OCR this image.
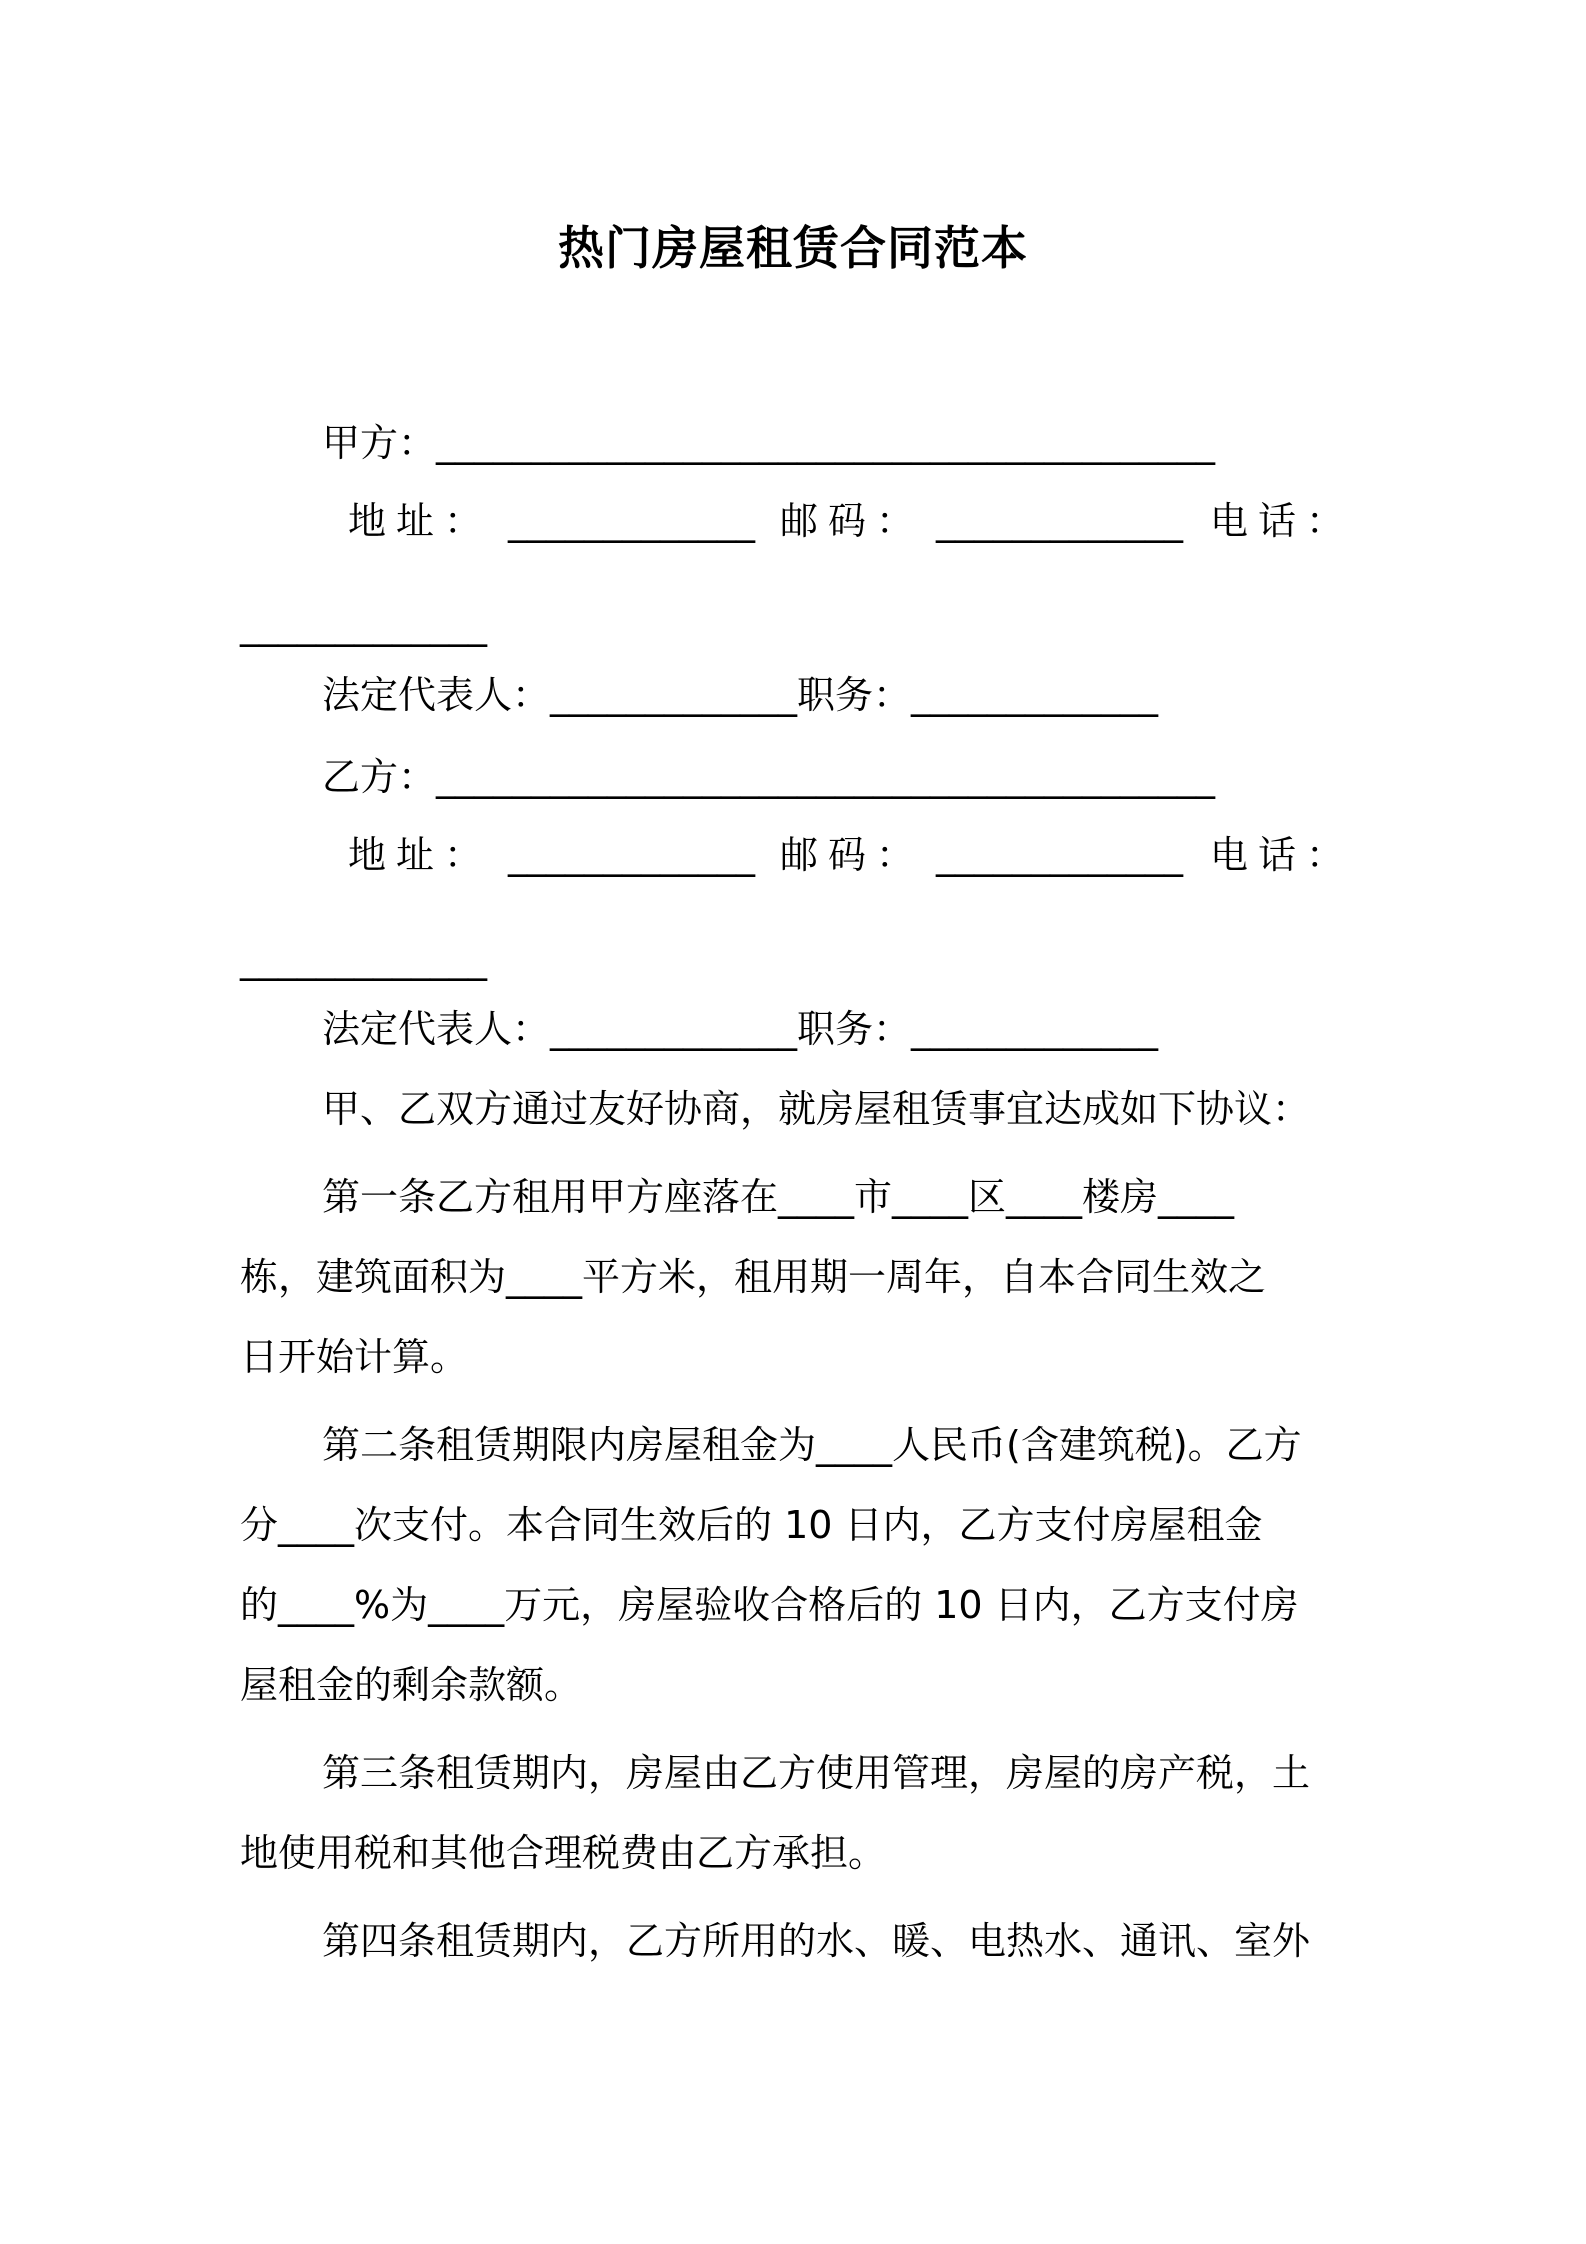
热门房屋租赁合同范本
甲方：_________________________________________
地址： _____________ 邮码： _____________ 电话：
_____________
法定代表人：_____________职务：_____________
乙方：_________________________________________
地址： _____________ 邮码： _____________ 电话：
_____________
法定代表人：_____________职务：_____________
甲、乙双方通过友好协商，就房屋租赁事宜达成如下协议：
第一条乙方租用甲方座落在____市____区____楼房____
栋，建筑面积为____平方米，租用期一周年，自本合同生效之
日开始计算。
第二条租赁期限内房屋租金为____人民币(含建筑税)。乙方
分____次支付。本合同生效后的 10 日内，乙方支付房屋租金
的____%为____万元，房屋验收合格后的 10 日内，乙方支付房
屋租金的剩余款额。
第三条租赁期内，房屋由乙方使用管理，房屋的房产税，土
地使用税和其他合理税费由乙方承担。
第四条租赁期内，乙方所用的水、暖、电热水、通讯、室外
